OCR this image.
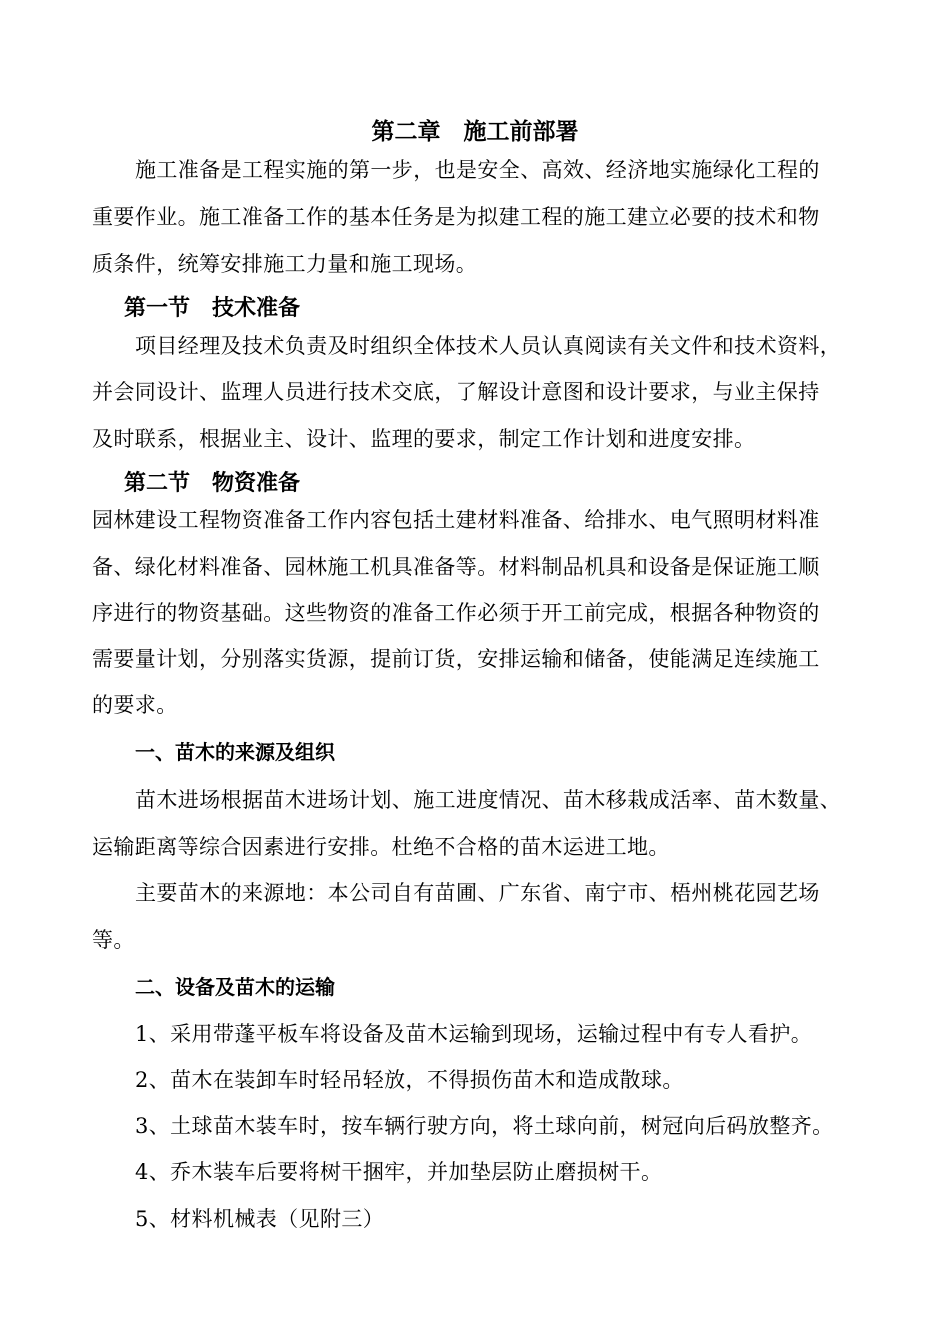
第二章　施工前部署
施工准备是工程实施的第一步，也是安全、高效、经济地实施绿化工程的
重要作业。施工准备工作的基本任务是为拟建工程的施工建立必要的技术和物
质条件，统筹安排施工力量和施工现场。
第一节　技术准备
项目经理及技术负责及时组织全体技术人员认真阅读有关文件和技术资料，
并会同设计、监理人员进行技术交底，了解设计意图和设计要求，与业主保持
及时联系，根据业主、设计、监理的要求，制定工作计划和进度安排。
第二节　物资准备
园林建设工程物资准备工作内容包括土建材料准备、给排水、电气照明材料准
备、绿化材料准备、园林施工机具准备等。材料制品机具和设备是保证施工顺
序进行的物资基础。这些物资的准备工作必须于开工前完成，根据各种物资的
需要量计划，分别落实货源，提前订货，安排运输和储备，使能满足连续施工
的要求。
一、苗木的来源及组织
苗木进场根据苗木进场计划、施工进度情况、苗木移栽成活率、苗木数量、
运输距离等综合因素进行安排。杜绝不合格的苗木运进工地。
主要苗木的来源地：本公司自有苗圃、广东省、南宁市、梧州桃花园艺场
等。
二、设备及苗木的运输
1、采用带蓬平板车将设备及苗木运输到现场，运输过程中有专人看护。
2、苗木在装卸车时轻吊轻放，不得损伤苗木和造成散球。
3、土球苗木装车时，按车辆行驶方向，将土球向前，树冠向后码放整齐。
4、乔木装车后要将树干捆牢，并加垫层防止磨损树干。
5、材料机械表（见附三）
